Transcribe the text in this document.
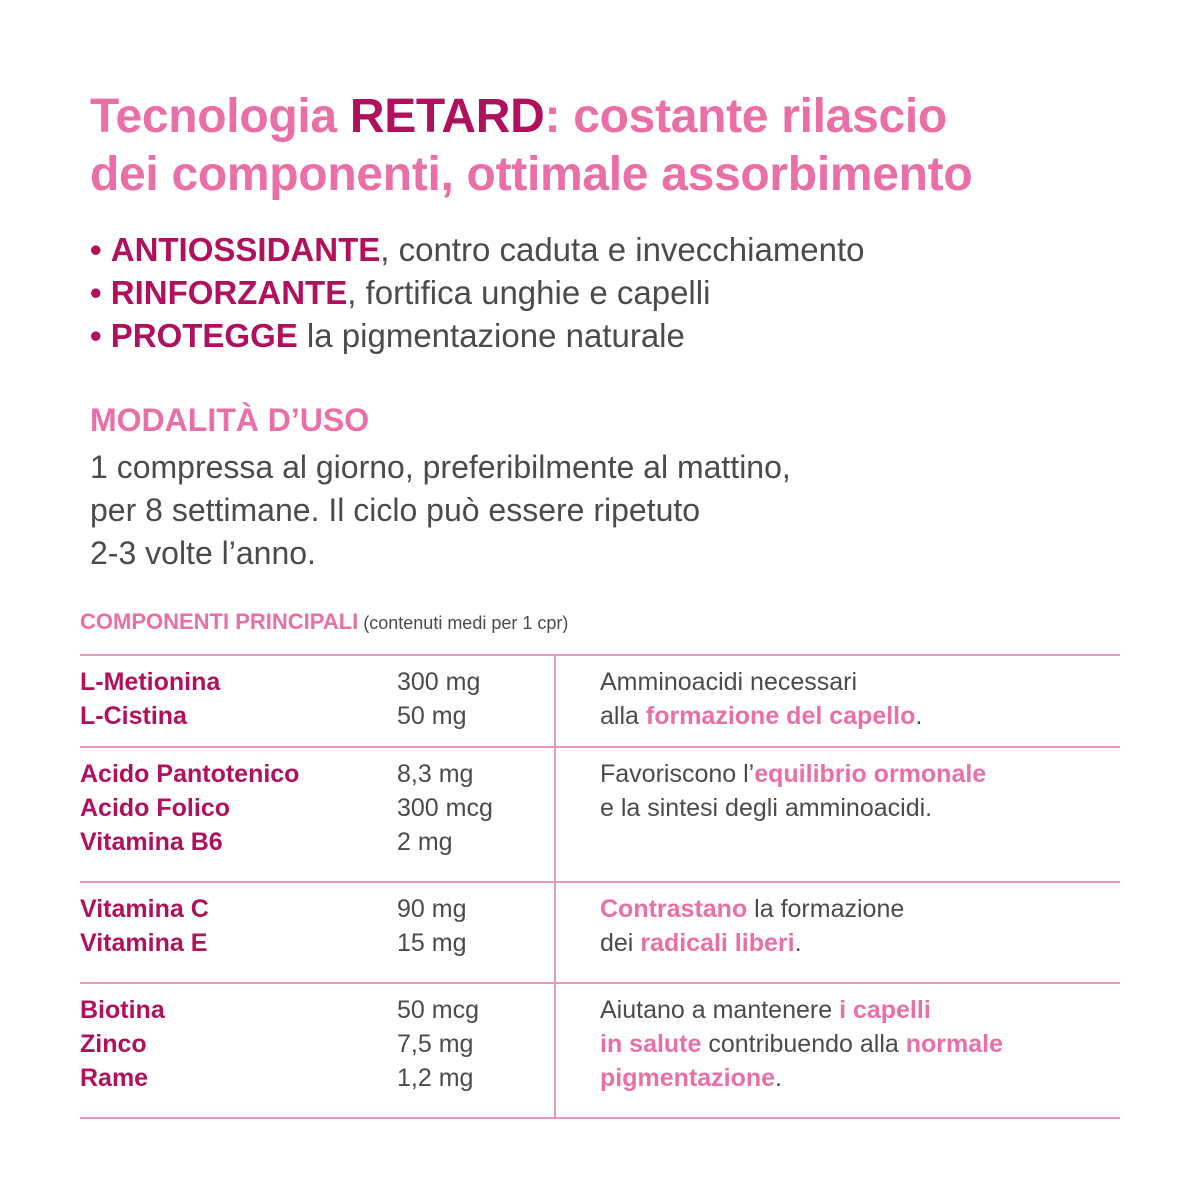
Tecnologia RETARD: costante rilascio
dei componenti, ottimale assorbimento
• ANTIOSSIDANTE, contro caduta e invecchiamento
• RINFORZANTE, fortifica unghie e capelli
• PROTEGGE la pigmentazione naturale
MODALITÀ D’USO

1 compressa al giorno, preferibilmente al mattino,
per 8 settimane. Il ciclo può essere ripetuto
2-3 volte l’anno.

COMPONENTI PRINCIPALI (contenuti medi per 1 cpr)
L-Metionina
L-Cistina
300 mg
50 mg
Amminoacidi necessari
alla formazione del capello.
Acido Pantotenico
Acido Folico
Vitamina B6
8,3 mg
300 mcg
2 mg
Favoriscono l’equilibrio ormonale
e la sintesi degli amminoacidi.
Vitamina C
Vitamina E
90 mg
15 mg
Contrastano la formazione
dei radicali liberi.
Biotina
Zinco
Rame
50 mcg
7,5 mg
1,2 mg
Aiutano a mantenere i capelli
in salute contribuendo alla normale
pigmentazione.
